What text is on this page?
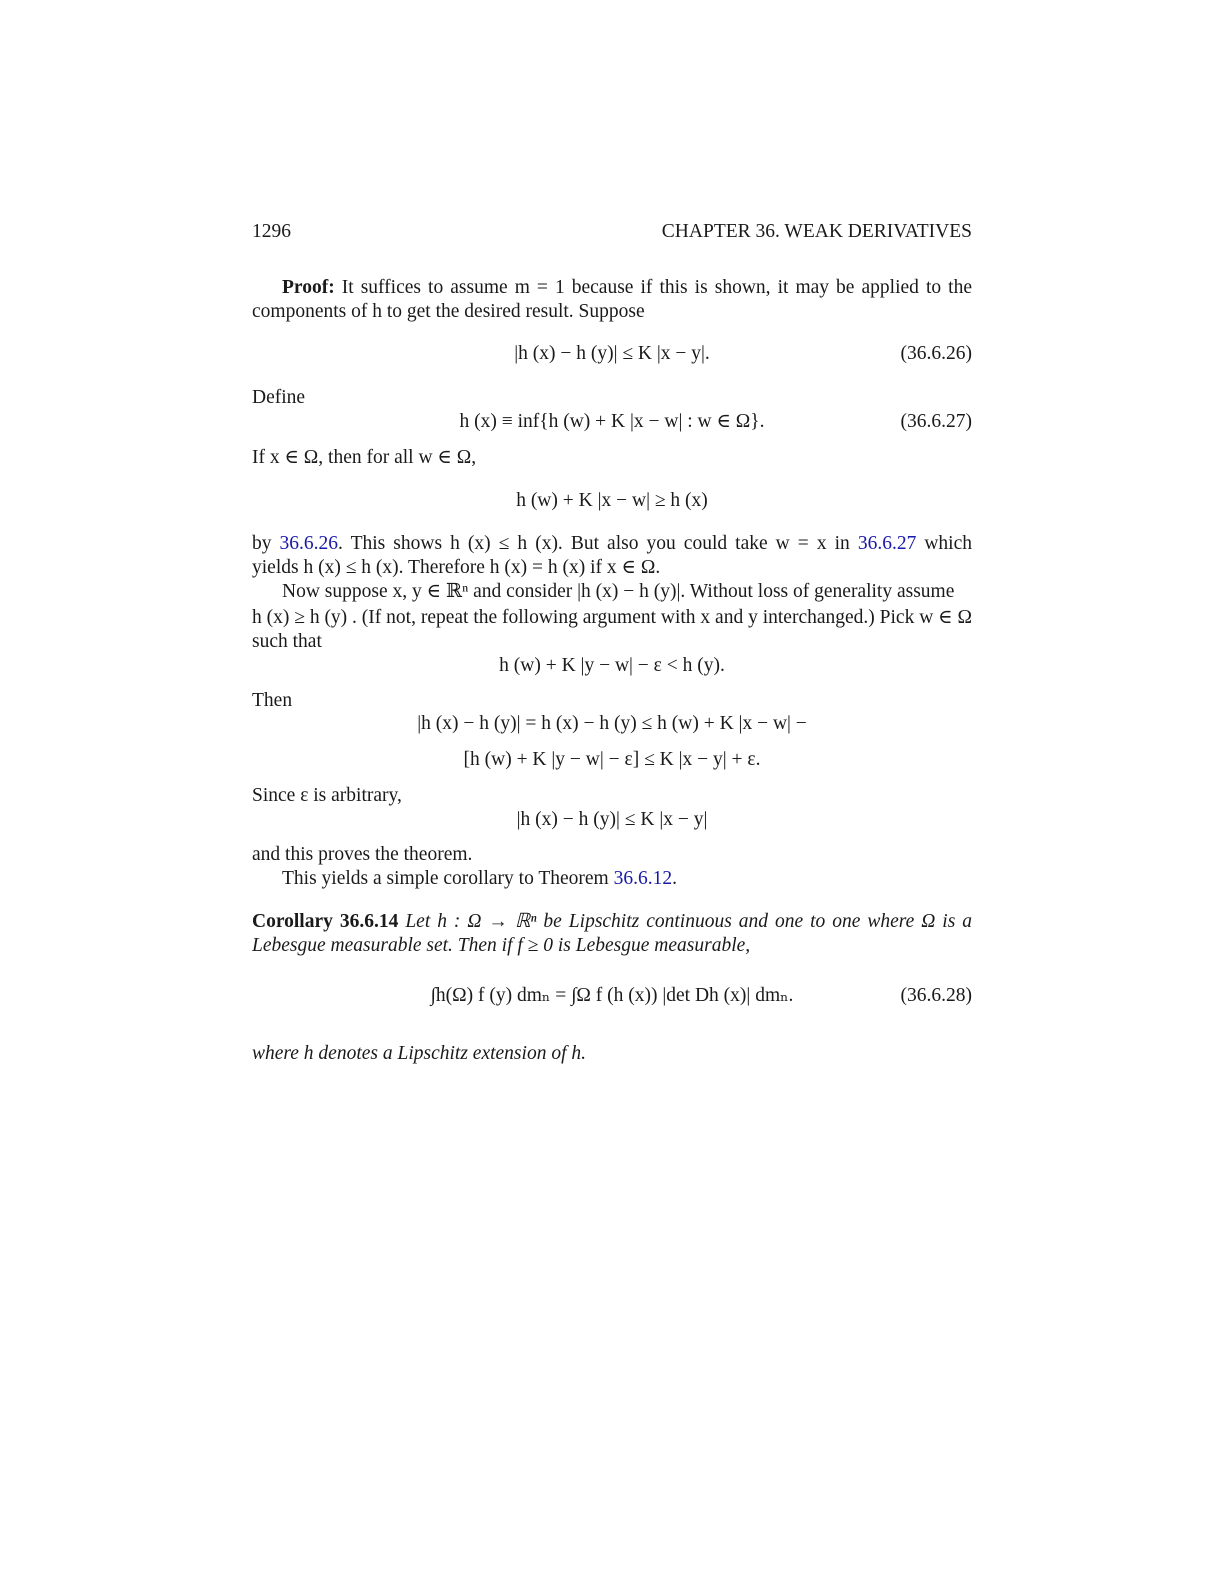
1296	CHAPTER 36. WEAK DERIVATIVES
Proof: It suffices to assume m = 1 because if this is shown, it may be applied to the
components of h to get the desired result. Suppose
|h (x) − h (y)| ≤ K |x − y|.	(36.6.26)
Define
h (x) ≡ inf{h (w) + K |x − w| : w ∈ Ω}.	(36.6.27)
If x ∈ Ω, then for all w ∈ Ω,
h (w) + K |x − w| ≥ h (x)
by 36.6.26. This shows h (x) ≤ h (x). But also you could take w = x in 36.6.27 which
yields h (x) ≤ h (x). Therefore h (x) = h (x) if x ∈ Ω.
Now suppose x, y ∈ ℝⁿ and consider |h (x) − h (y)|. Without loss of generality assume
h (x) ≥ h (y) . (If not, repeat the following argument with x and y interchanged.) Pick w ∈ Ω
such that
h (w) + K |y − w| − ε < h (y).
Then
|h (x) − h (y)| = h (x) − h (y) ≤ h (w) + K |x − w| −
[h (w) + K |y − w| − ε] ≤ K |x − y| + ε.
Since ε is arbitrary,
|h (x) − h (y)| ≤ K |x − y|
and this proves the theorem.
This yields a simple corollary to Theorem 36.6.12.
Corollary 36.6.14 Let h : Ω → ℝⁿ be Lipschitz continuous and one to one where Ω is a
Lebesgue measurable set. Then if f ≥ 0 is Lebesgue measurable,
∫h(Ω) f (y) dmₙ = ∫Ω f (h (x)) |det Dh (x)| dmₙ.	(36.6.28)
where h denotes a Lipschitz extension of h.
